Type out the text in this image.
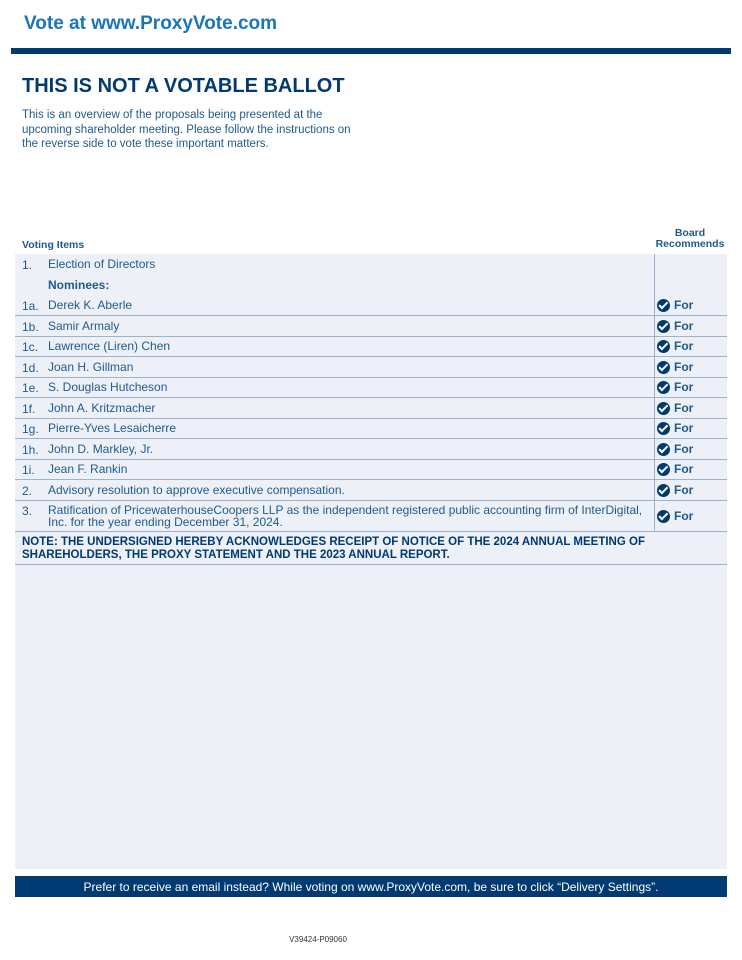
Vote at www.ProxyVote.com
THIS IS NOT A VOTABLE BALLOT

This is an overview of the proposals being presented at the upcoming shareholder meeting. Please follow the instructions on the reverse side to vote these important matters.

Voting Items
Board
Recommends
1. Election of Directors
Nominees:
1a. Derek K. Aberle	For
1b. Samir Armaly	For
1c. Lawrence (Liren) Chen	For
1d. Joan H. Gillman	For
1e. S. Douglas Hutcheson	For
1f. John A. Kritzmacher	For
1g. Pierre-Yves Lesaicherre	For
1h. John D. Markley, Jr.	For
1i. Jean F. Rankin	For
2. Advisory resolution to approve executive compensation.	For
3. Ratification of PricewaterhouseCoopers LLP as the independent registered public accounting firm of InterDigital, Inc. for the year ending December 31, 2024.	For
NOTE: THE UNDERSIGNED HEREBY ACKNOWLEDGES RECEIPT OF NOTICE OF THE 2024 ANNUAL MEETING OF SHAREHOLDERS, THE PROXY STATEMENT AND THE 2023 ANNUAL REPORT.
Prefer to receive an email instead? While voting on www.ProxyVote.com, be sure to click “Delivery Settings”.
V39424-P09060
